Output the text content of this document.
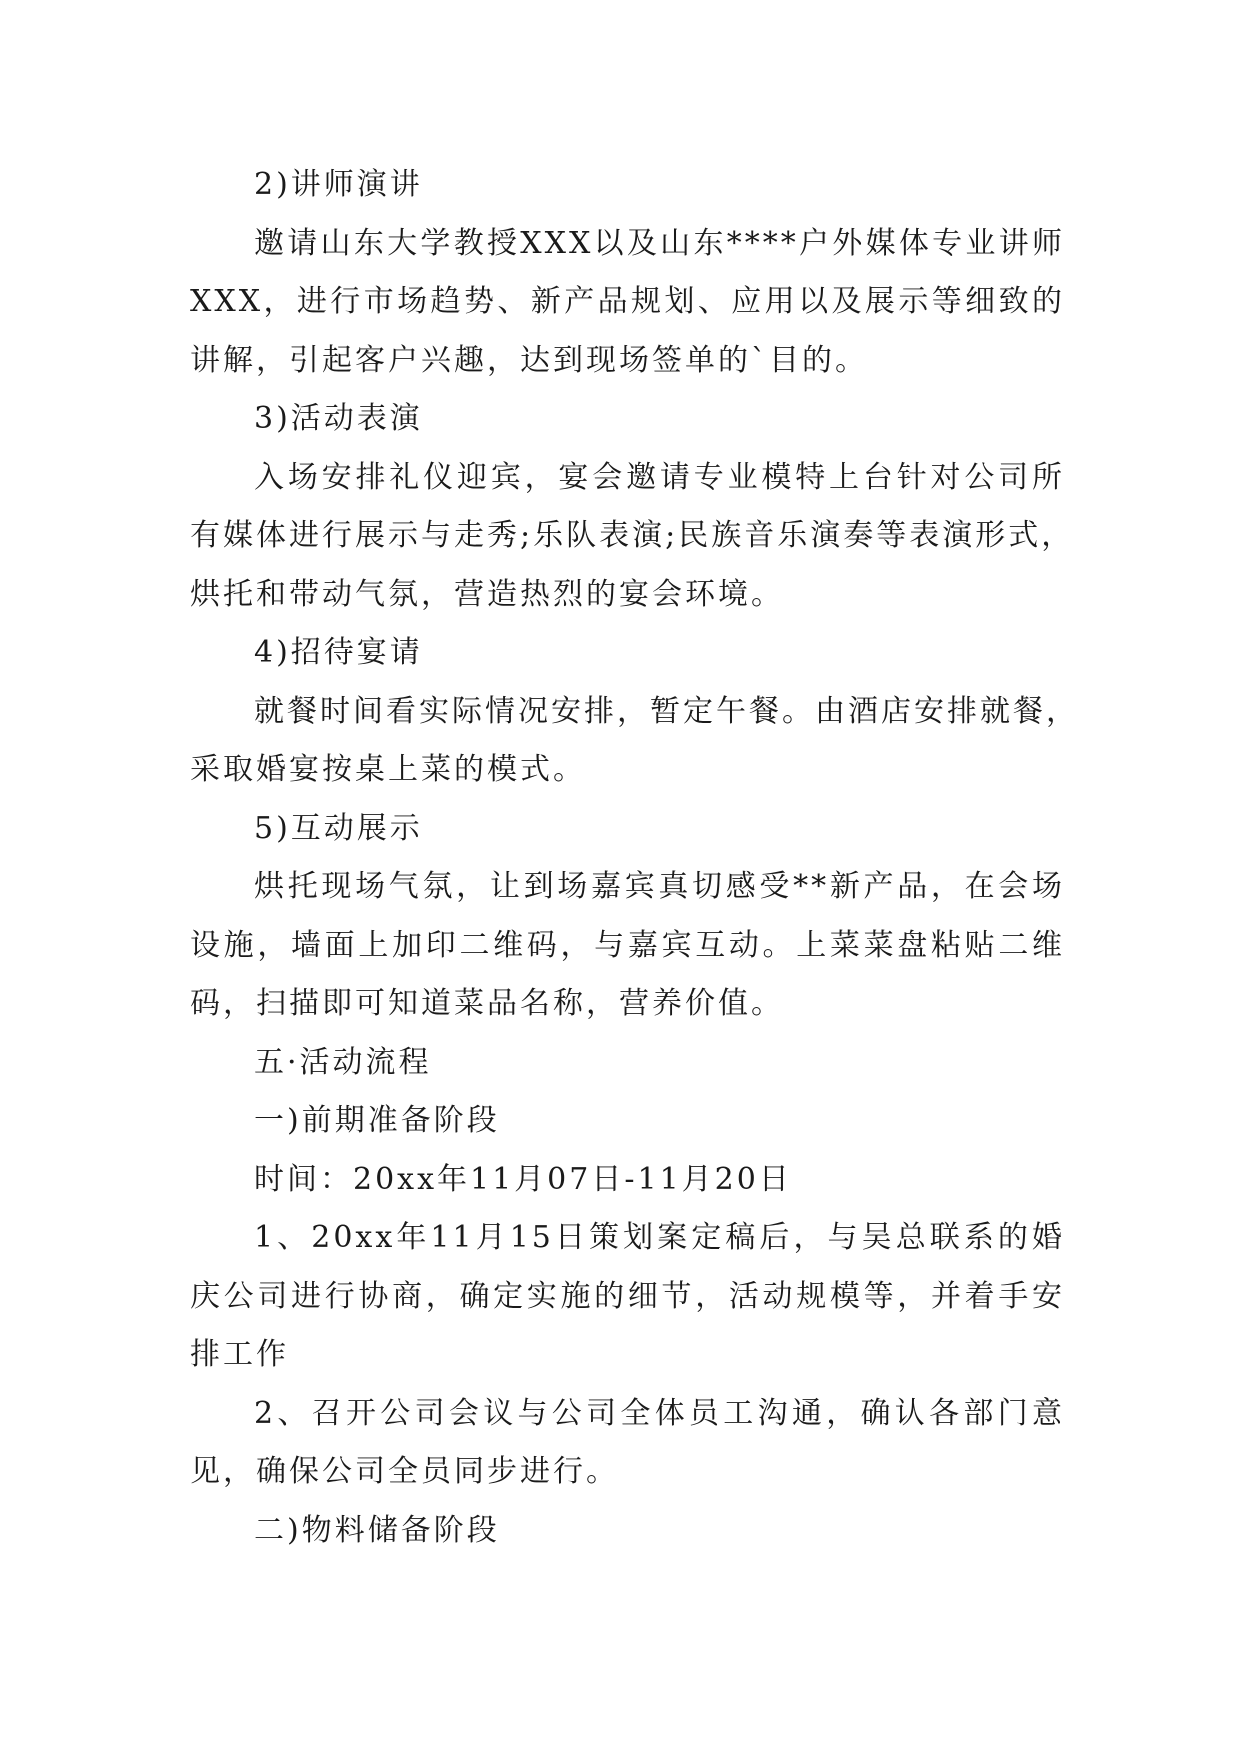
2)讲师演讲
邀请山东大学教授XXX以及山东****户外媒体专业讲师
XXX，进行市场趋势、新产品规划、应用以及展示等细致的
讲解，引起客户兴趣，达到现场签单的`目的。
3)活动表演
入场安排礼仪迎宾，宴会邀请专业模特上台针对公司所
有媒体进行展示与走秀;乐队表演;民族音乐演奏等表演形式，
烘托和带动气氛，营造热烈的宴会环境。
4)招待宴请
就餐时间看实际情况安排，暂定午餐。由酒店安排就餐，
采取婚宴按桌上菜的模式。
5)互动展示
烘托现场气氛，让到场嘉宾真切感受**新产品，在会场
设施，墙面上加印二维码，与嘉宾互动。上菜菜盘粘贴二维
码，扫描即可知道菜品名称，营养价值。
五·活动流程
一)前期准备阶段
时间：20xx年11月07日-11月20日
1、20xx年11月15日策划案定稿后，与吴总联系的婚
庆公司进行协商，确定实施的细节，活动规模等，并着手安
排工作
2、召开公司会议与公司全体员工沟通，确认各部门意
见，确保公司全员同步进行。
二)物料储备阶段
